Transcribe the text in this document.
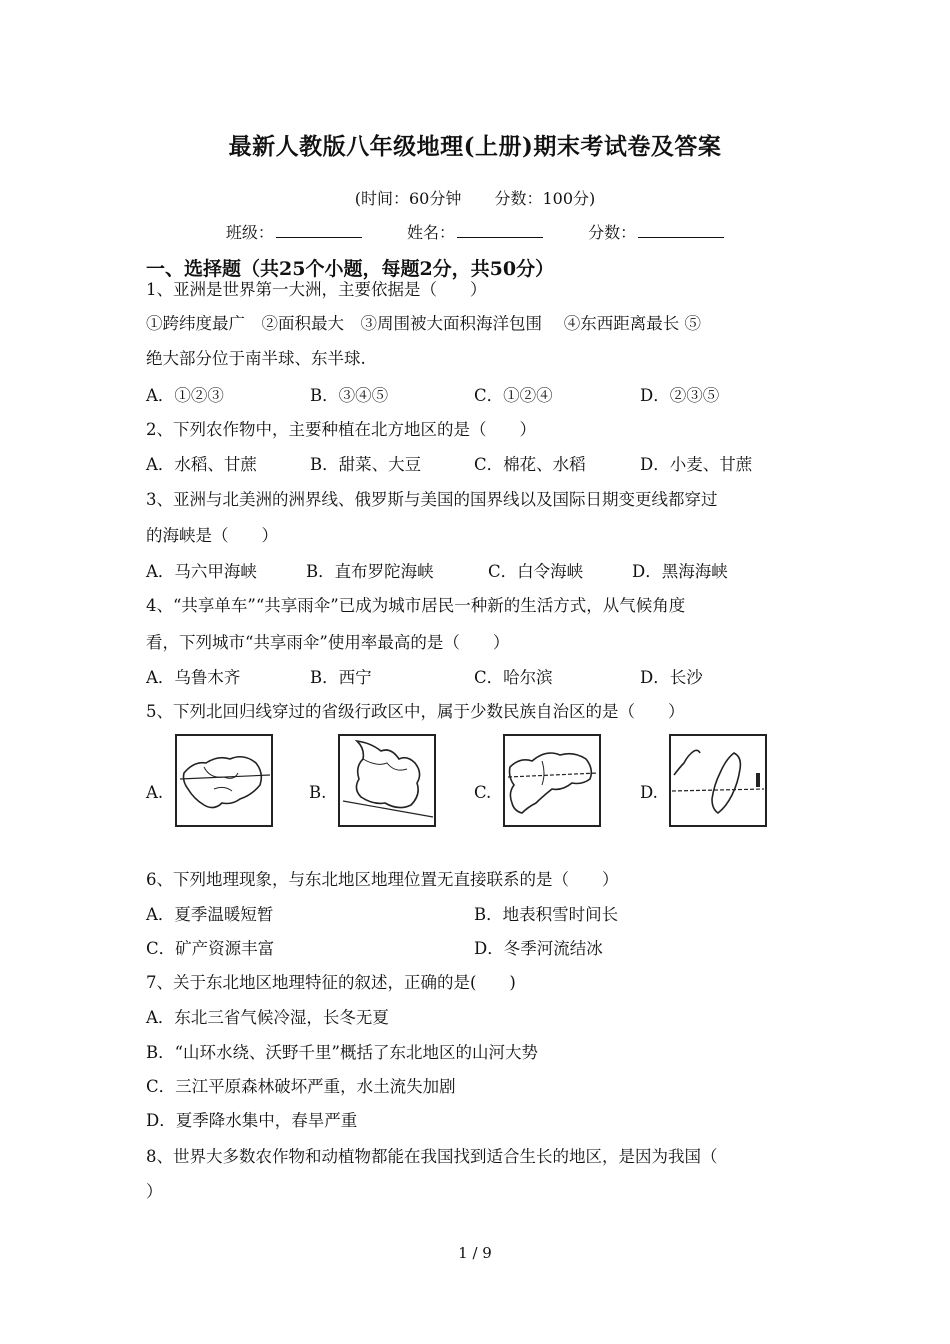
最新人教版八年级地理(上册)期末考试卷及答案
(时间：60分钟 分数：100分)
班级：	姓名：	分数：
一、选择题（共25个小题，每题2分，共50分）
1、亚洲是世界第一大洲，主要依据是（　　）
①跨纬度最广　②面积最大　③周围被大面积海洋包围　 ④东西距离最长 ⑤
绝大部分位于南半球、东半球.
A．①②③	B．③④⑤	C．①②④	D．②③⑤
2、下列农作物中，主要种植在北方地区的是（　　）
A．水稻、甘蔗	B．甜菜、大豆	C．棉花、水稻	D．小麦、甘蔗
3、亚洲与北美洲的洲界线、俄罗斯与美国的国界线以及国际日期变更线都穿过
的海峡是（　　）
A．马六甲海峡	B．直布罗陀海峡	C．白令海峡	D．黑海海峡
4、“共享单车”“共享雨伞”已成为城市居民一种新的生活方式，从气候角度
看，下列城市“共享雨伞”使用率最高的是（　　）
A．乌鲁木齐	B．西宁	C．哈尔滨	D．长沙
5、下列北回归线穿过的省级行政区中，属于少数民族自治区的是（　　）
A.	B.	C.	D.
6、下列地理现象，与东北地区地理位置无直接联系的是（　　）
A．夏季温暖短暂	B．地表积雪时间长
C．矿产资源丰富	D．冬季河流结冰
7、关于东北地区地理特征的叙述，正确的是(　　)
A．东北三省气候冷湿，长冬无夏
B．“山环水绕、沃野千里”概括了东北地区的山河大势
C．三江平原森林破坏严重，水土流失加剧
D．夏季降水集中，春旱严重
8、世界大多数农作物和动植物都能在我国找到适合生长的地区，是因为我国（
）
1 / 9
